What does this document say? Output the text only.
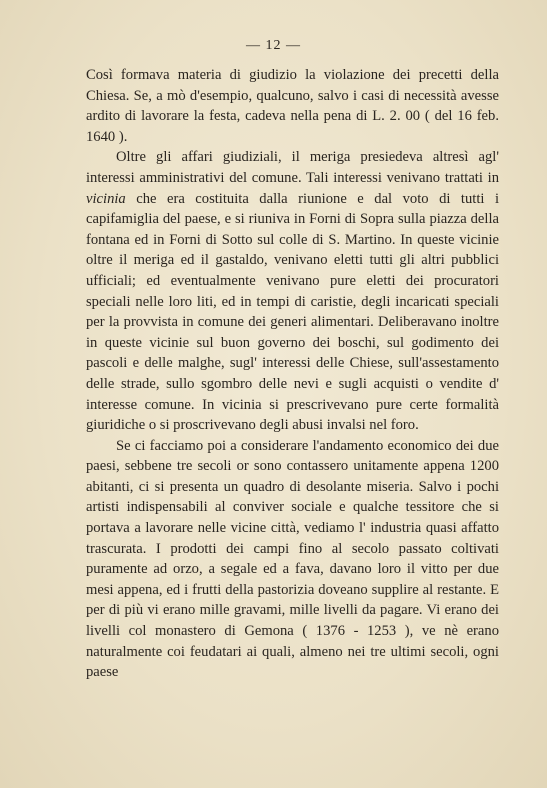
— 12 —

Così formava materia di giudizio la violazione dei precetti della Chiesa. Se, a mò d'esempio, qualcuno, salvo i casi di necessità avesse ardito di lavorare la festa, cadeva nella pena di L. 2. 00 ( del 16 feb. 1640 ).

Oltre gli affari giudiziali, il meriga presiedeva altresì agl' interessi amministrativi del comune. Tali interessi venivano trattati in vicinia che era costituita dalla riunione e dal voto di tutti i capifamiglia del paese, e si riuniva in Forni di Sopra sulla piazza della fontana ed in Forni di Sotto sul colle di S. Martino. In queste vicinie oltre il meriga ed il gastaldo, venivano eletti tutti gli altri pubblici ufficiali; ed eventualmente venivano pure eletti dei procuratori speciali nelle loro liti, ed in tempi di caristie, degli incaricati speciali per la provvista in comune dei generi alimentari. Deliberavano inoltre in queste vicinie sul buon governo dei boschi, sul godimento dei pascoli e delle malghe, sugl' interessi delle Chiese, sull'assestamento delle strade, sullo sgombro delle nevi e sugli acquisti o vendite d' interesse comune. In vicinia si prescrivevano pure certe formalità giuridiche o si proscrivevano degli abusi invalsi nel foro.

Se ci facciamo poi a considerare l'andamento economico dei due paesi, sebbene tre secoli or sono contassero unitamente appena 1200 abitanti, ci si presenta un quadro di desolante miseria. Salvo i pochi artisti indispensabili al conviver sociale e qualche tessitore che si portava a lavorare nelle vicine città, vediamo l' industria quasi affatto trascurata. I prodotti dei campi fino al secolo passato coltivati puramente ad orzo, a segale ed a fava, davano loro il vitto per due mesi appena, ed i frutti della pastorizia doveano supplire al restante. E per di più vi erano mille gravami, mille livelli da pagare. Vi erano dei livelli col monastero di Gemona ( 1376 - 1253 ), ve nè erano naturalmente coi feudatari ai quali, almeno nei tre ultimi secoli, ogni paese
